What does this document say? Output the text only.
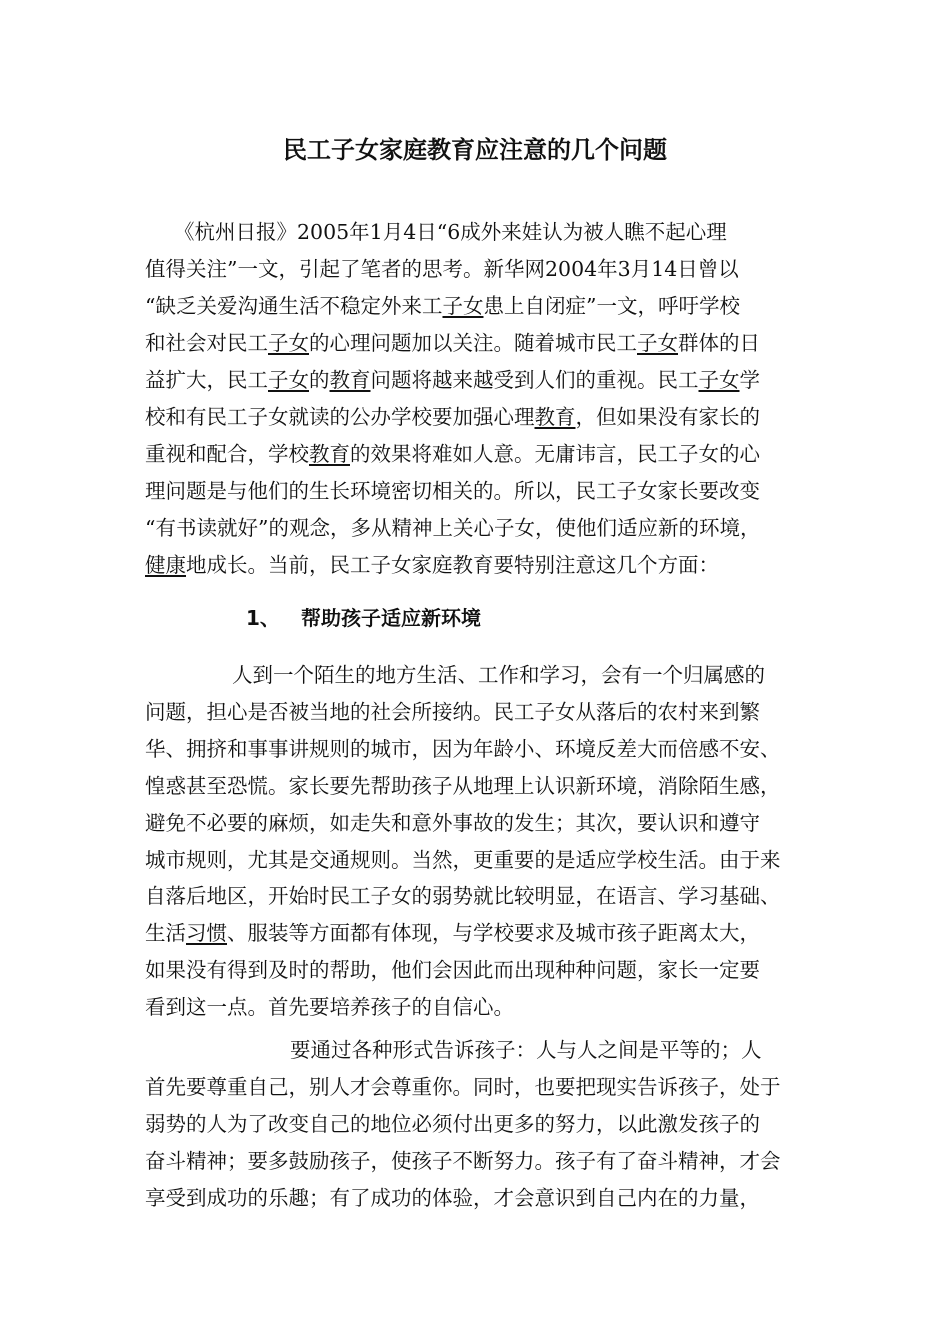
民工子女家庭教育应注意的几个问题
1、 帮助孩子适应新环境
《杭州日报》2005年1月4日“6成外来娃认为被人瞧不起心理
值得关注”一文，引起了笔者的思考。新华网2004年3月14日曾以
“缺乏关爱沟通生活不稳定外来工子女患上自闭症”一文，呼吁学校
和社会对民工子女的心理问题加以关注。随着城市民工子女群体的日
益扩大，民工子女的教育问题将越来越受到人们的重视。民工子女学
校和有民工子女就读的公办学校要加强心理教育，但如果没有家长的
重视和配合，学校教育的效果将难如人意。无庸讳言，民工子女的心
理问题是与他们的生长环境密切相关的。所以，民工子女家长要改变
“有书读就好”的观念，多从精神上关心子女，使他们适应新的环境，
健康地成长。当前，民工子女家庭教育要特别注意这几个方面：
人到一个陌生的地方生活、工作和学习，会有一个归属感的
问题，担心是否被当地的社会所接纳。民工子女从落后的农村来到繁
华、拥挤和事事讲规则的城市，因为年龄小、环境反差大而倍感不安、
惶惑甚至恐慌。家长要先帮助孩子从地理上认识新环境，消除陌生感，
避免不必要的麻烦，如走失和意外事故的发生；其次，要认识和遵守
城市规则，尤其是交通规则。当然，更重要的是适应学校生活。由于来
自落后地区，开始时民工子女的弱势就比较明显，在语言、学习基础、
生活习惯、服装等方面都有体现，与学校要求及城市孩子距离太大，
如果没有得到及时的帮助，他们会因此而出现种种问题，家长一定要
看到这一点。首先要培养孩子的自信心。
要通过各种形式告诉孩子：人与人之间是平等的；人
首先要尊重自己，别人才会尊重你。同时，也要把现实告诉孩子，处于
弱势的人为了改变自己的地位必须付出更多的努力，以此激发孩子的
奋斗精神；要多鼓励孩子，使孩子不断努力。孩子有了奋斗精神，才会
享受到成功的乐趣；有了成功的体验，才会意识到自己内在的力量，
